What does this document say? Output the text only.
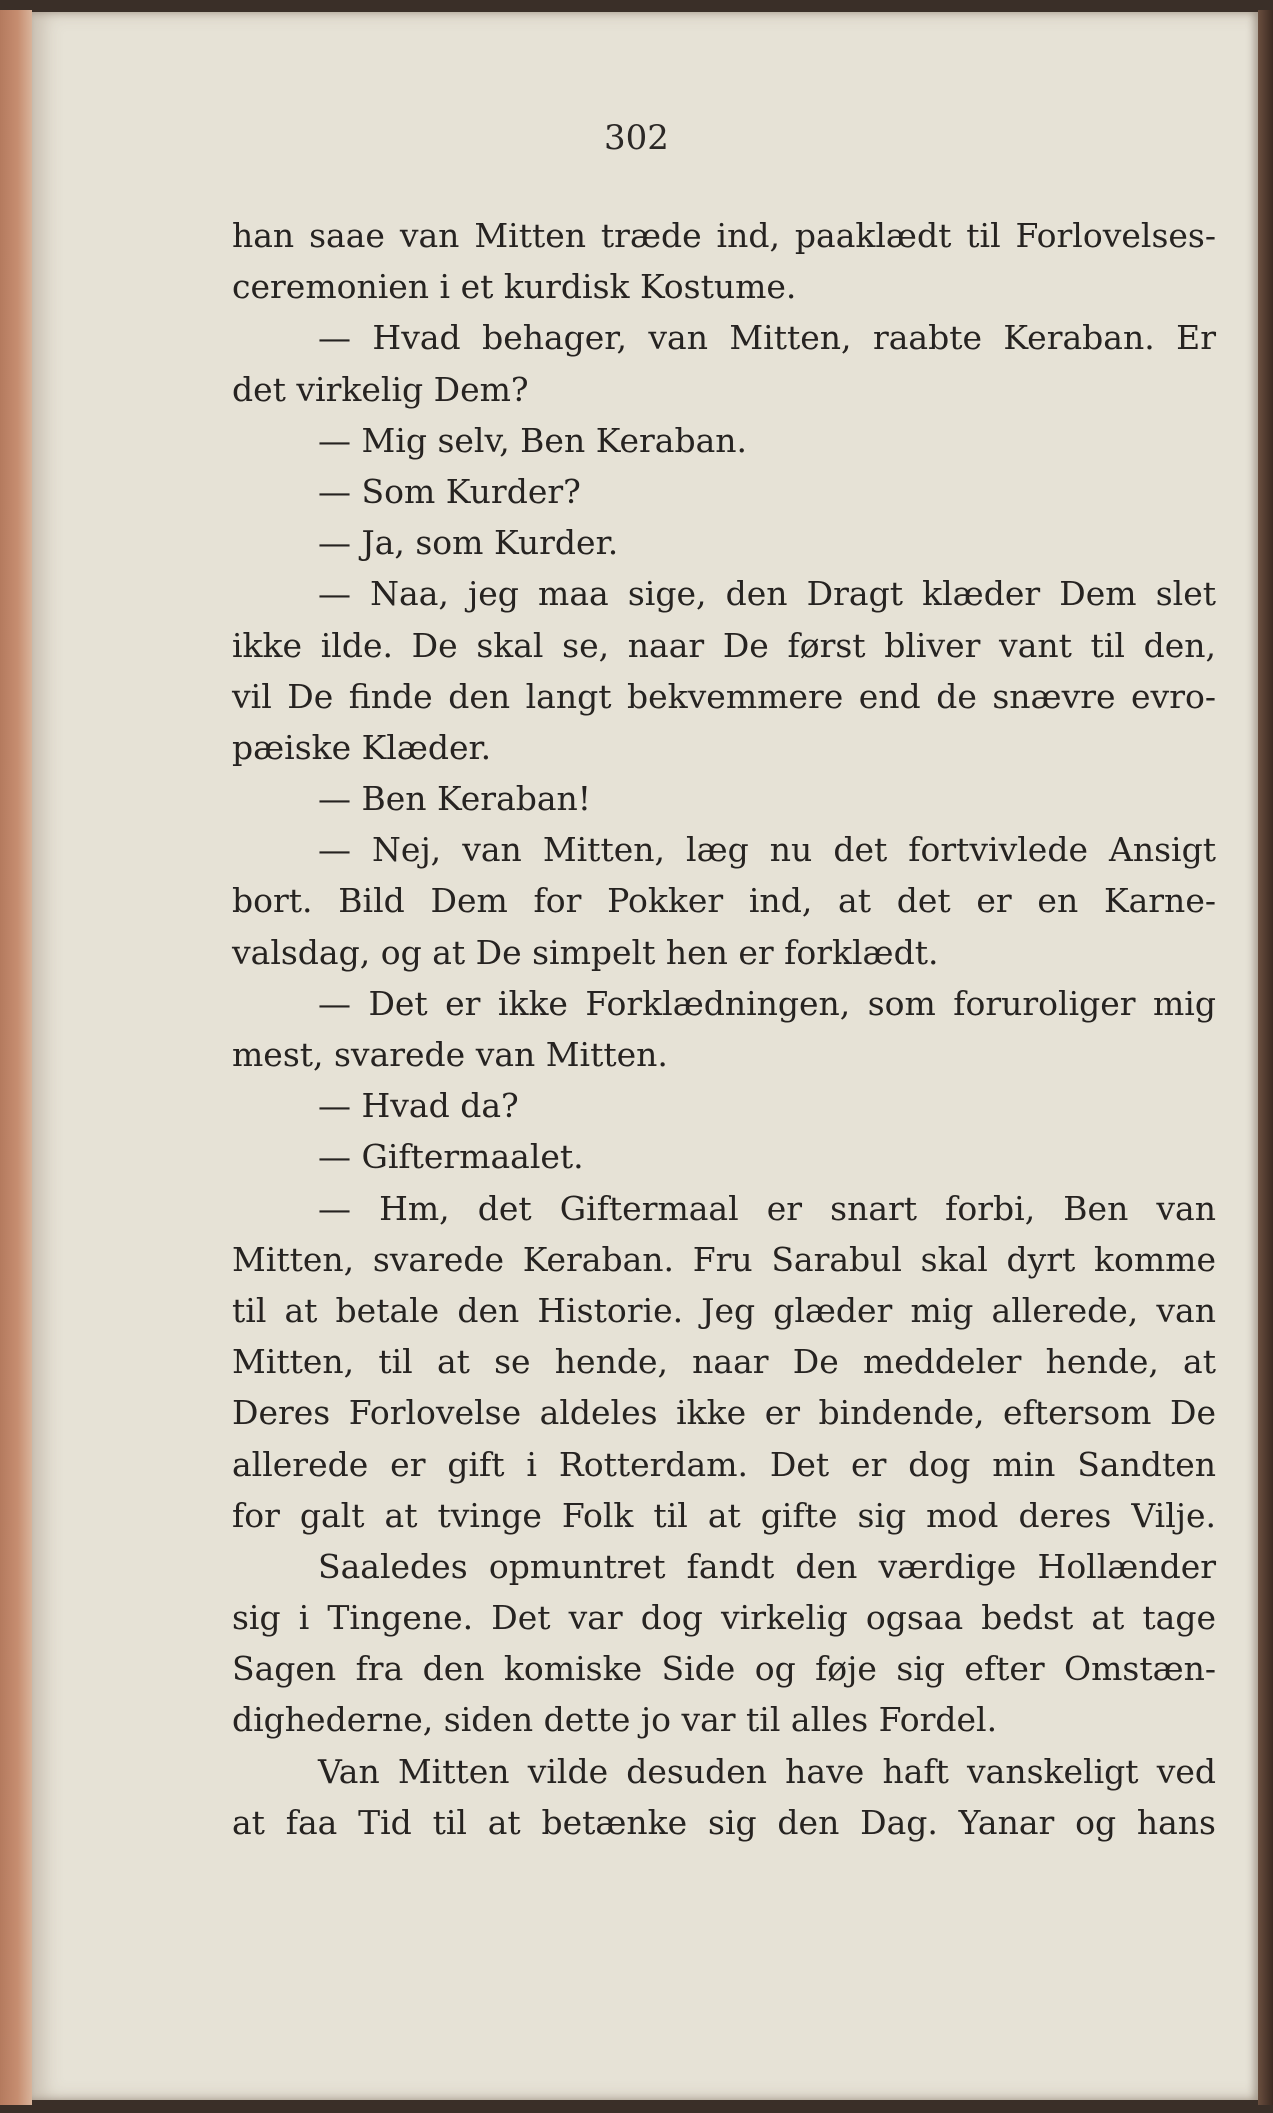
302
han saae van Mitten træde ind, paaklædt til Forlovelses-
ceremonien i et kurdisk Kostume.
— Hvad behager, van Mitten, raabte Keraban. Er
det virkelig Dem?
— Mig selv, Ben Keraban.
— Som Kurder?
— Ja, som Kurder.
— Naa, jeg maa sige, den Dragt klæder Dem slet
ikke ilde. De skal se, naar De først bliver vant til den,
vil De finde den langt bekvemmere end de snævre evro-
pæiske Klæder.
— Ben Keraban!
— Nej, van Mitten, læg nu det fortvivlede Ansigt
bort. Bild Dem for Pokker ind, at det er en Karne-
valsdag, og at De simpelt hen er forklædt.
— Det er ikke Forklædningen, som foruroliger mig
mest, svarede van Mitten.
— Hvad da?
— Giftermaalet.
— Hm, det Giftermaal er snart forbi, Ben van
Mitten, svarede Keraban. Fru Sarabul skal dyrt komme
til at betale den Historie. Jeg glæder mig allerede, van
Mitten, til at se hende, naar De meddeler hende, at
Deres Forlovelse aldeles ikke er bindende, eftersom De
allerede er gift i Rotterdam. Det er dog min Sandten
for galt at tvinge Folk til at gifte sig mod deres Vilje.
Saaledes opmuntret fandt den værdige Hollænder
sig i Tingene. Det var dog virkelig ogsaa bedst at tage
Sagen fra den komiske Side og føje sig efter Omstæn-
dighederne, siden dette jo var til alles Fordel.
Van Mitten vilde desuden have haft vanskeligt ved
at faa Tid til at betænke sig den Dag. Yanar og hans
